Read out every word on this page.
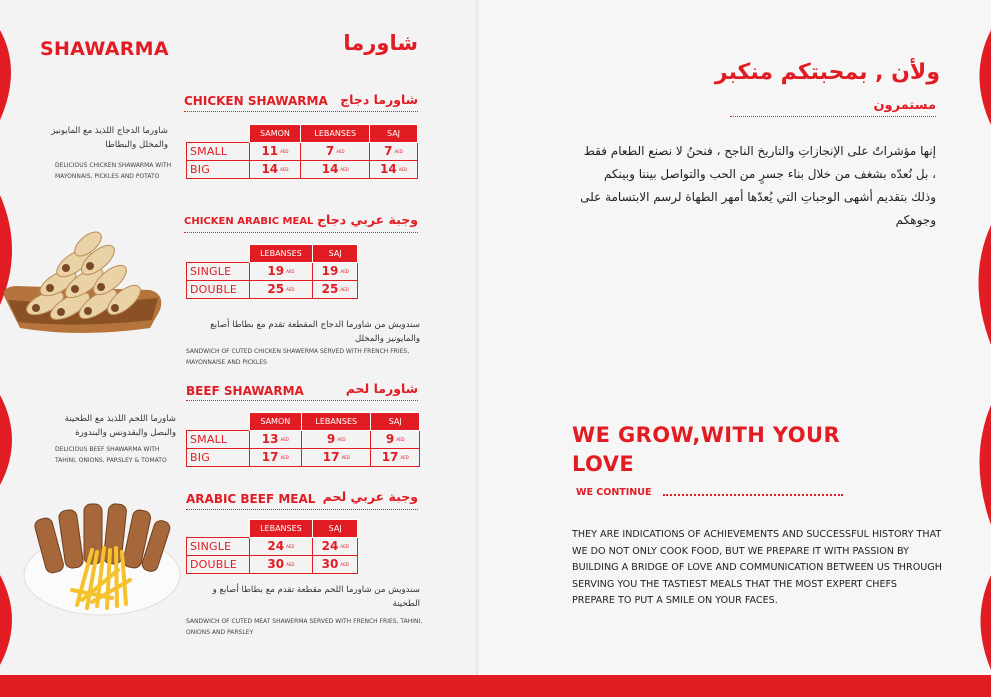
SHAWARMA	شاورما
CHICKEN SHAWARMA شاورما دجاج
	SAMON	LEBANSES	SAJ
SMALL	11 AED	7 AED	7 AED
BIG	14 AED	14 AED	14 AED
شاورما الدجاج اللذيذ مع المايونيز والمخلل والبطاطا
DELICIOUS CHICKEN SHAWARMA WITH MAYONNAIS, PICKLES AND POTATO
CHICKEN ARABIC MEAL وجبة عربي دجاج
	LEBANSES	SAJ
SINGLE	19 AED	19 AED
DOUBLE	25 AED	25 AED
سندويش من شاورما الدجاج المقطعة تقدم مع بطاطا أصابع والمايونيز والمخلل
SANDWICH OF CUTED CHICKEN SHAWERMA SERVED WITH FRENCH FRIES, MAYONNAISE AND PICKLES
BEEF SHAWARMA	شاورما لحم
	SAMON	LEBANSES	SAJ
SMALL	13 AED	9 AED	9 AED
BIG	17 AED	17 AED	17 AED
شاورما اللحم اللذيذ مع الطحينة والبصل والبقدونس والبندورة
DELICIOUS BEEF SHAWARMA WITH TAHINI, ONIONS, PARSLEY & TOMATO
ARABIC BEEF MEAL وجبة عربي لحم
	LEBANSES	SAJ
SINGLE	24 AED	24 AED
DOUBLE	30 AED	30 AED
سندويش من شاورما اللحم مقطعة تقدم مع بطاطا أصابع و الطحينة
SANDWICH OF CUTED MEAT SHAWERMA SERVED WITH FRENCH FRIES, TAHINI, ONIONS AND PARSLEY
ولأن , بمحبتكم منكبر
مستمرون
إنها مؤشراتٌ على الإنجازاتِ والتاريخ الناجح ، فنحنُ لا نصنع الطعام فقط ، بل نُعدّه بشغف من خلال بناء جسرٍ من الحب والتواصل بيننا وبينكم وذلك بتقديم أشهى الوجباتِ التي يُعدّها أمهر الطهاة لرسم الابتسامة على وجوهكم
WE GROW,WITH YOUR
LOVE
WE CONTINUE
THEY ARE INDICATIONS OF ACHIEVEMENTS AND SUCCESSFUL HISTORY THAT WE DO NOT ONLY COOK FOOD, BUT WE PREPARE IT WITH PASSION BY BUILDING A BRIDGE OF LOVE AND COMMUNICATION BETWEEN US THROUGH SERVING YOU THE TASTIEST MEALS THAT THE MOST EXPERT CHEFS PREPARE TO PUT A SMILE ON YOUR FACES.
